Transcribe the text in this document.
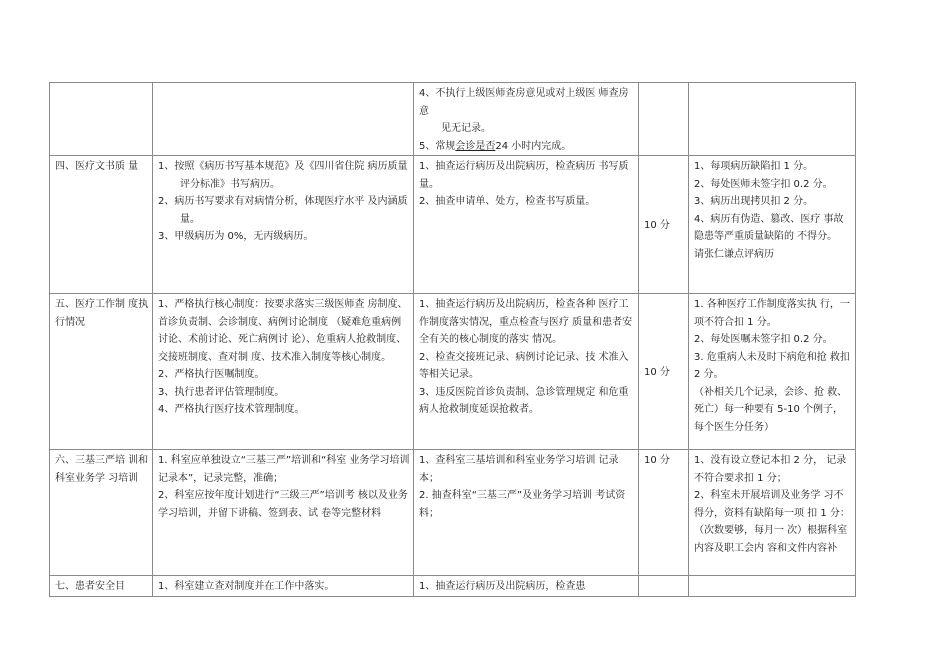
		4、不执行上级医师查房意见或对上级医 师查房意
见无记录。
5、常规会诊是否24 小时内完成。		

四、医疗文书质 量	1、按照《病历书写基本规范》及《四川省住院 病历质量
评分标准》书写病历。
2、病历书写要求有对病情分析，体现医疗水平 及内涵质
量。
3、甲级病历为 0%，无丙级病历。	1、抽查运行病历及出院病历，检查病历 书写质量。
2、抽查申请单、处方，检查书写质量。	10 分	1、每项病历缺陷扣 1 分。
2、每处医师未签字扣 0.2 分。
3、病历出现拷贝扣 2 分。
4、病历有伪造、篡改、医疗 事故隐患等严重质量缺陷的 不得分。
请张仁谦点评病历

五、医疗工作制 度执行情况	1、严格执行核心制度：按要求落实三级医师查 房制度、首诊负责制、会诊制度、病例讨论制度 （疑难危重病例讨论、术前讨论、死亡病例讨 论）、危重病人抢救制度、交接班制度、查对制 度、技术准入制度等核心制度。
2、严格执行医嘱制度。
3、执行患者评估管理制度。
4、严格执行医疗技术管理制度。	1、抽查运行病历及出院病历，检查各种 医疗工作制度落实情况，重点检查与医疗 质量和患者安全有关的核心制度的落实 情况。
2、检查交接班记录、病例讨论记录、技 术准入等相关记录。
3、违反医院首诊负责制、急诊管理规定 和危重病人抢救制度延误抢救者。	10 分	1. 各种医疗工作制度落实执 行，一项不符合扣 1 分。
2、每处医嘱未签字扣 0.2 分。
3. 危重病人未及时下病危和抢 救扣 2 分。
（补相关几个记录，会诊、抢 救、死亡）每一种要有 5-10 个例子，每个医生分任务）

六、三基三严培 训和科室业务学 习培训	1. 科室应单独设立“三基三严”培训和“科室 业务学习培训记录本”，记录完整，准确；
2、科室应按年度计划进行“三级三严”培训考 核以及业务学习培训，并留下讲稿、签到表、试 卷等完整材料	1、查科室三基培训和科室业务学习培训 记录本；
2. 抽查科室“三基三严”及业务学习培训 考试资料；	10 分	1、没有设立登记本扣 2 分， 记录不符合要求扣 1 分；
2、科室未开展培训及业务学 习不得分，资料有缺陷每一项 扣 1 分：（次数要够，每月一 次）根据科室内容及职工会内 容和文件内容补

七、患者安全目	1、科室建立查对制度并在工作中落实。	1、抽查运行病历及出院病历，检查患		
